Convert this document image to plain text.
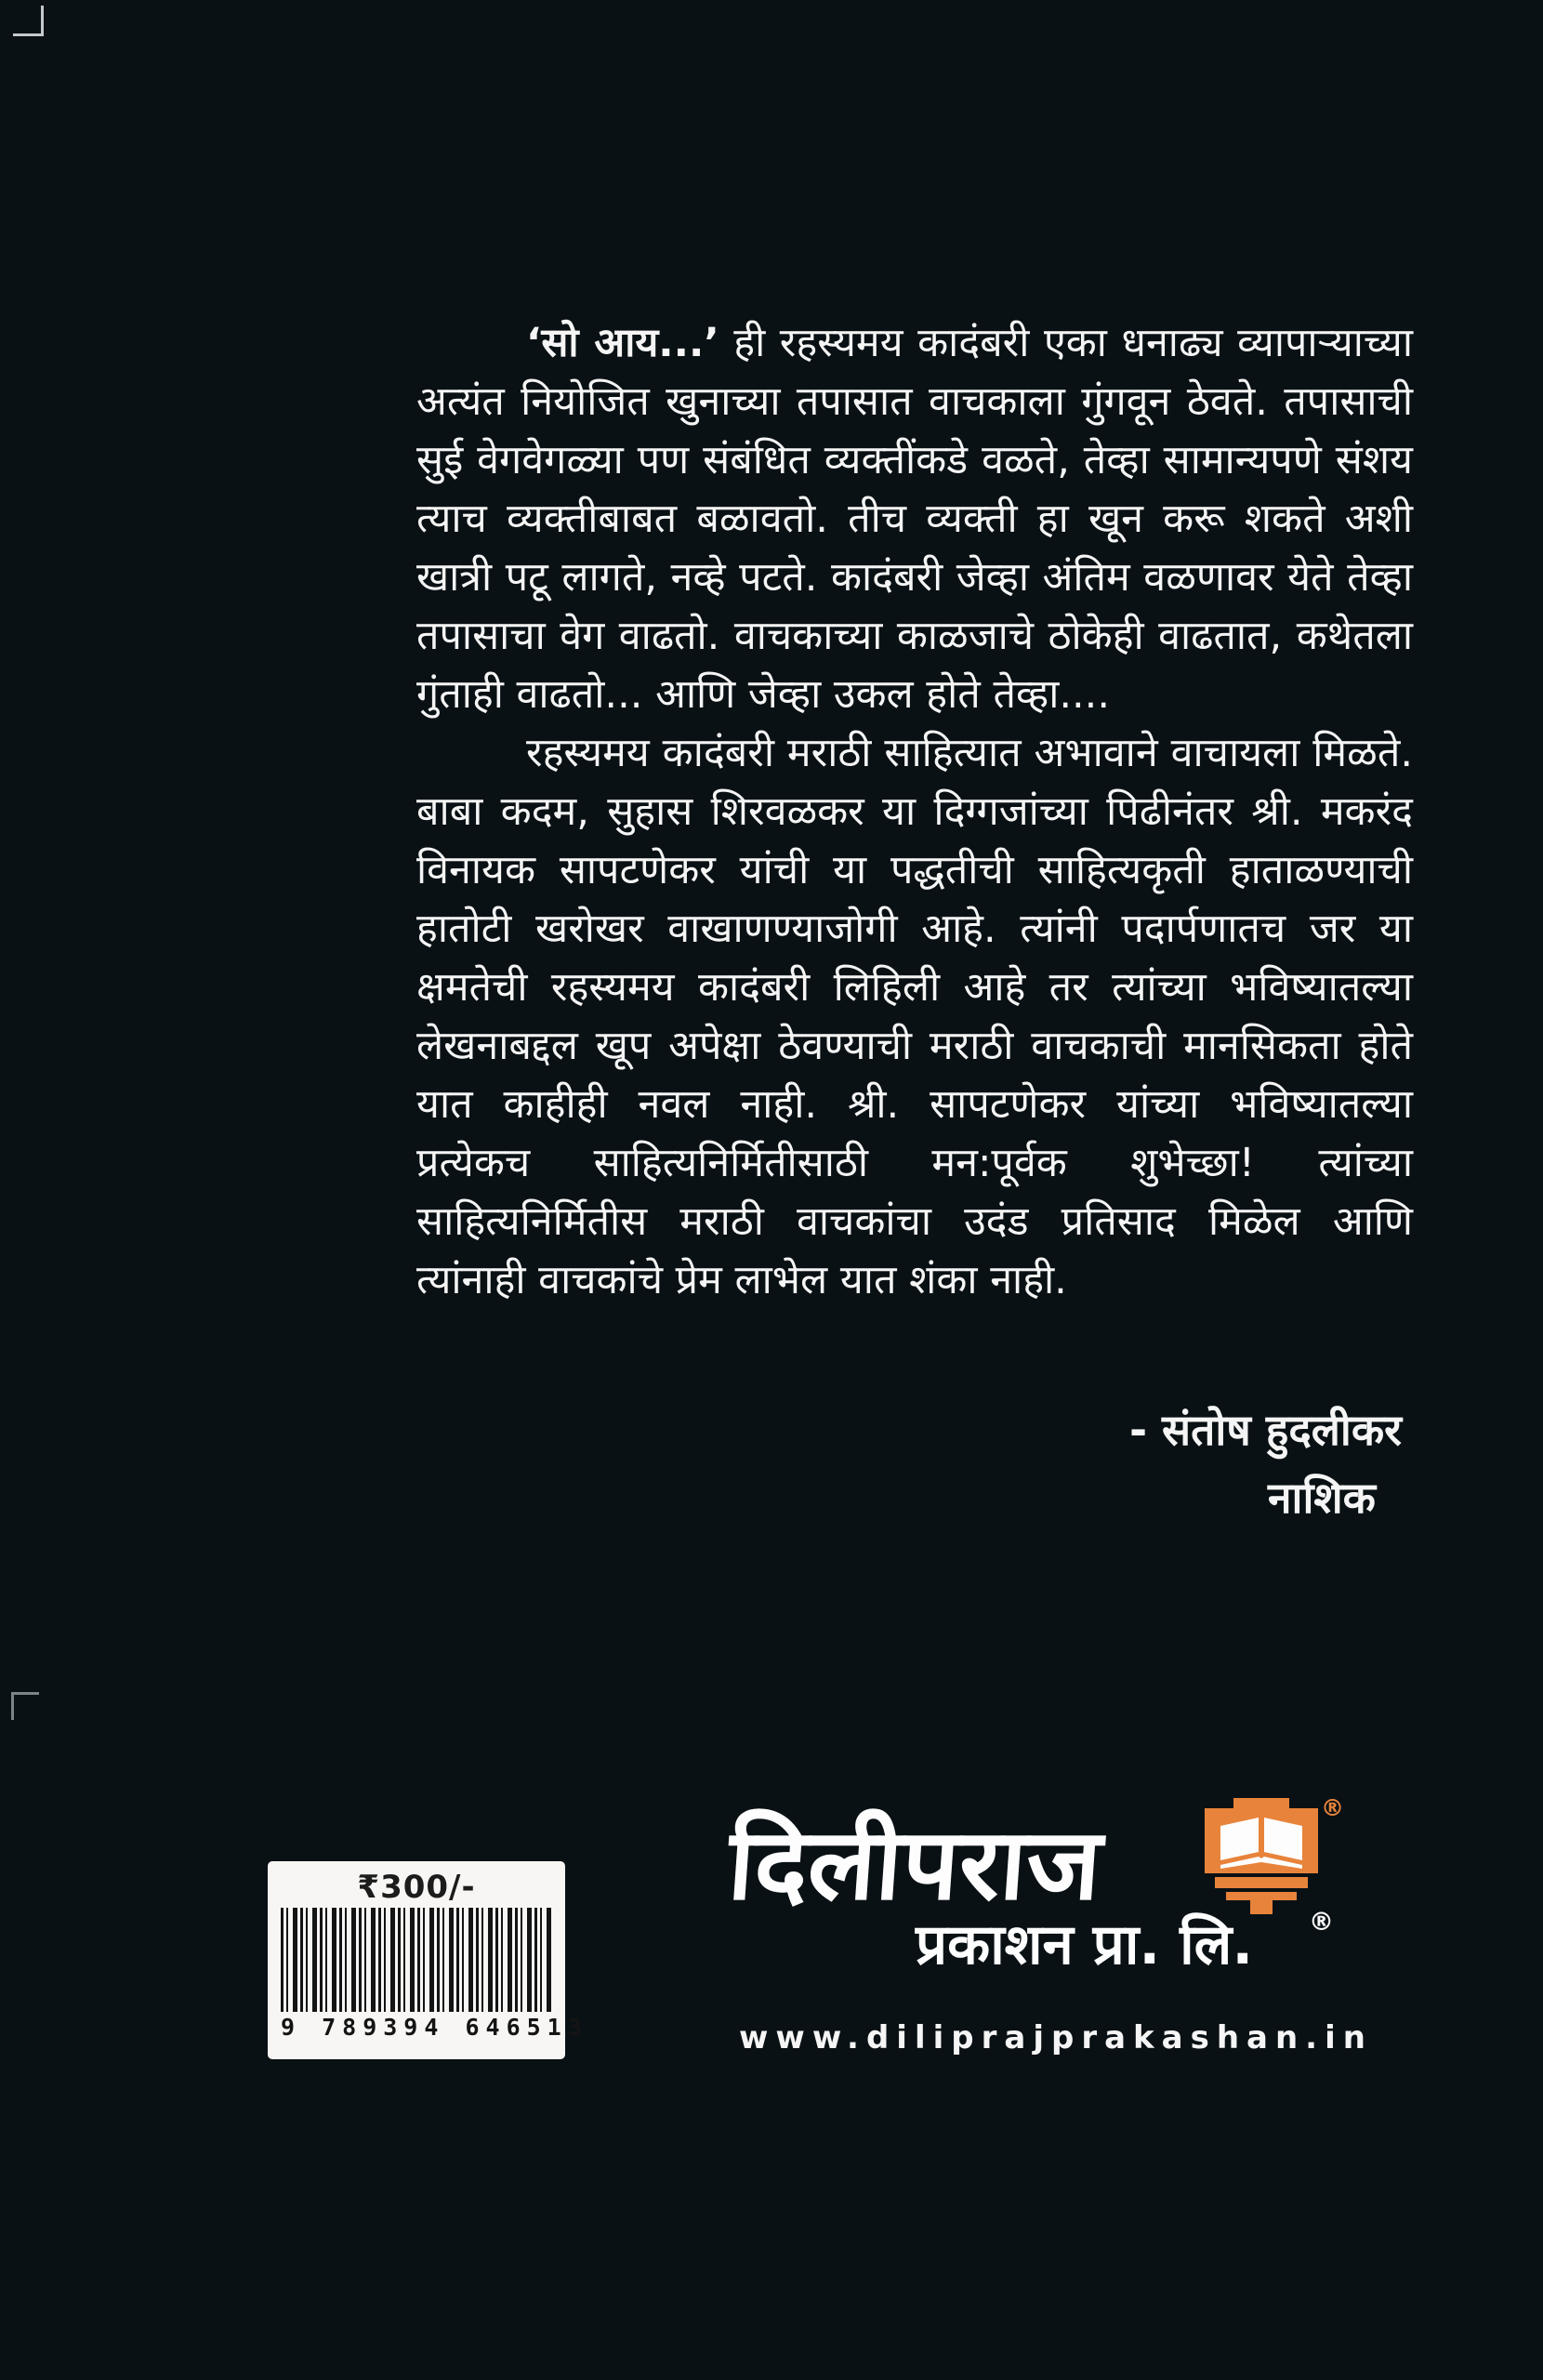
‘सो आय...’ ही रहस्यमय कादंबरी एका धनाढ्य व्यापाऱ्याच्या अत्यंत नियोजित खुनाच्या तपासात वाचकाला गुंगवून ठेवते. तपासाची सुई वेगवेगळ्या पण संबंधित व्यक्तींकडे वळते, तेव्हा सामान्यपणे संशय त्याच व्यक्तीबाबत बळावतो. तीच व्यक्ती हा खून करू शकते अशी खात्री पटू लागते, नव्हे पटते. कादंबरी जेव्हा अंतिम वळणावर येते तेव्हा तपासाचा वेग वाढतो. वाचकाच्या काळजाचे ठोकेही वाढतात, कथेतला गुंताही वाढतो... आणि जेव्हा उकल होते तेव्हा....

रहस्यमय कादंबरी मराठी साहित्यात अभावाने वाचायला मिळते. बाबा कदम, सुहास शिरवळकर या दिग्गजांच्या पिढीनंतर श्री. मकरंद विनायक सापटणेकर यांची या पद्धतीची साहित्यकृती हाताळण्याची हातोटी खरोखर वाखाणण्याजोगी आहे. त्यांनी पदार्पणातच जर या क्षमतेची रहस्यमय कादंबरी लिहिली आहे तर त्यांच्या भविष्यातल्या लेखनाबद्दल खूप अपेक्षा ठेवण्याची मराठी वाचकाची मानसिकता होते यात काहीही नवल नाही. श्री. सापटणेकर यांच्या भविष्यातल्या प्रत्येकच साहित्यनिर्मितीसाठी मन:पूर्वक शुभेच्छा! त्यांच्या साहित्यनिर्मितीस मराठी वाचकांचा उदंड प्रतिसाद मिळेल आणि त्यांनाही वाचकांचे प्रेम लाभेल यात शंका नाही.

- संतोष हुदलीकर
नाशिक
₹300/-
9 789394 646513
दिलीपराज	®
प्रकाशन प्रा. लि. ®
www.diliprajprakashan.in
